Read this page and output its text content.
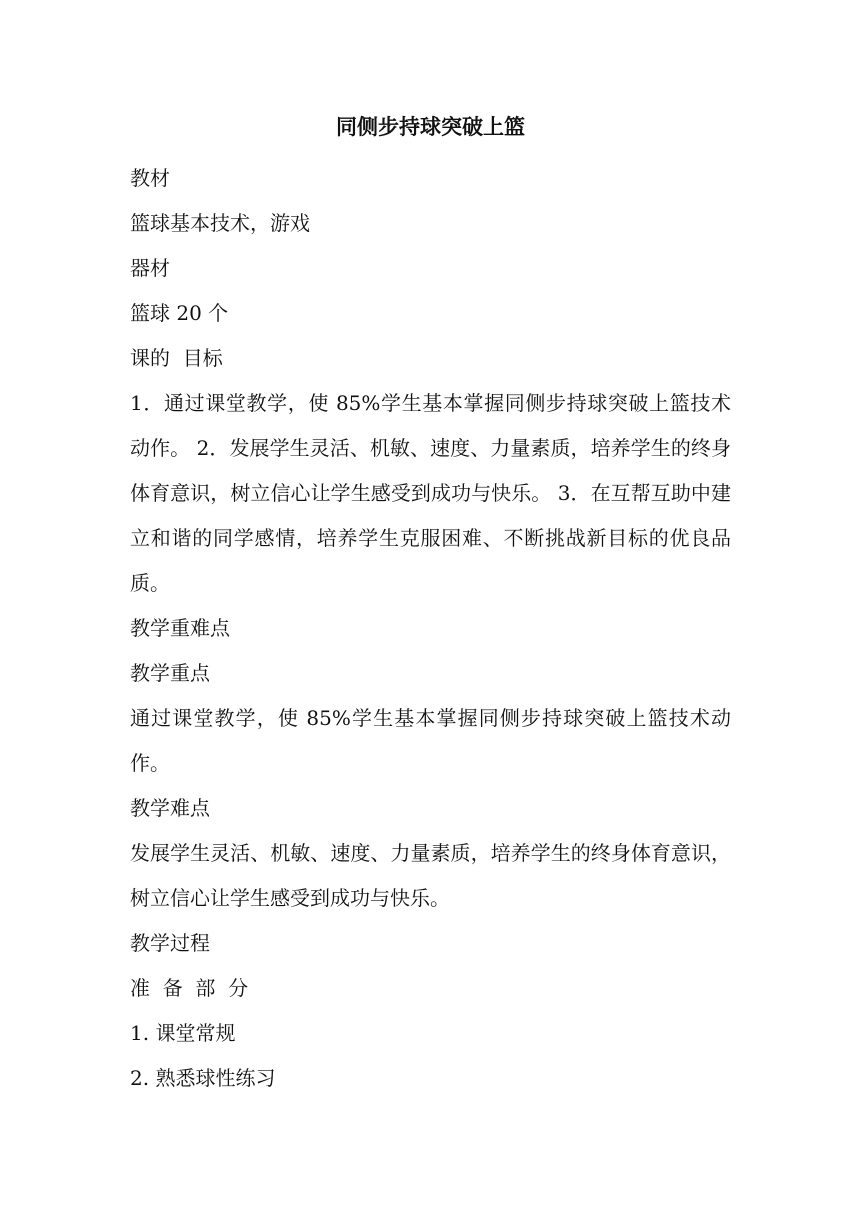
同侧步持球突破上篮

教材

篮球基本技术，游戏

器材

篮球 20 个

课的  目标

1．通过课堂教学，使 85%学生基本掌握同侧步持球突破上篮技术动作。 2．发展学生灵活、机敏、速度、力量素质，培养学生的终身体育意识，树立信心让学生感受到成功与快乐。 3．在互帮互助中建立和谐的同学感情，培养学生克服困难、不断挑战新目标的优良品质。

教学重难点

教学重点

通过课堂教学，使 85%学生基本掌握同侧步持球突破上篮技术动作。

教学难点

发展学生灵活、机敏、速度、力量素质，培养学生的终身体育意识，树立信心让学生感受到成功与快乐。

教学过程

准  备  部  分

1. 课堂常规

2. 熟悉球性练习
